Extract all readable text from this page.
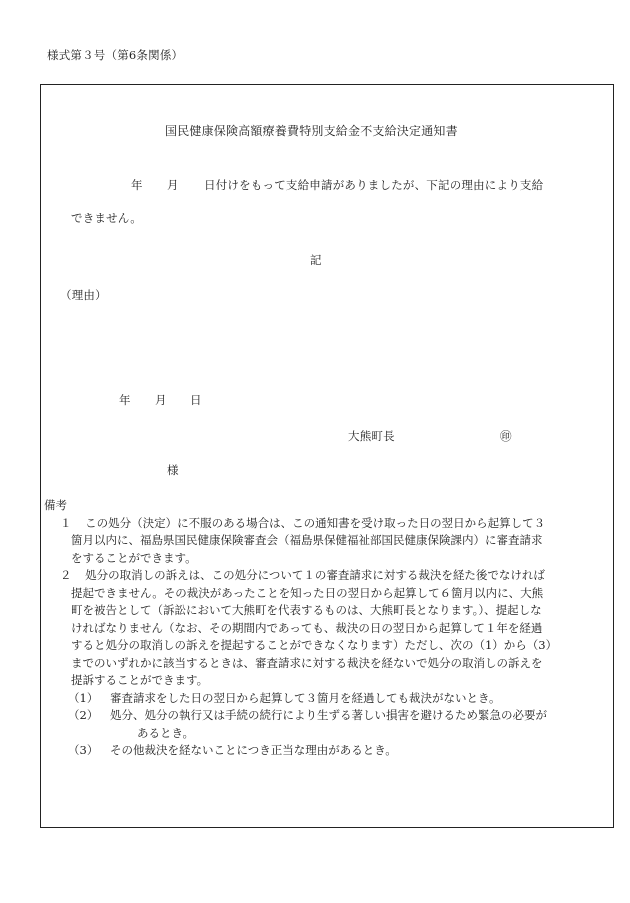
様式第３号（第6条関係）
国民健康保険高額療養費特別支給金不支給決定通知書
年 月 日付けをもって支給申請がありましたが、下記の理由により支給
できません。
記
（理由）
年 月 日
大熊町長	㊞
様
備考
１ この処分（決定）に不服のある場合は、この通知書を受け取った日の翌日から起算して３
箇月以内に、福島県国民健康保険審査会（福島県保健福祉部国民健康保険課内）に審査請求
をすることができます。
２ 処分の取消しの訴えは、この処分について１の審査請求に対する裁決を経た後でなければ
提起できません。その裁決があったことを知った日の翌日から起算して６箇月以内に、大熊
町を被告として（訴訟において大熊町を代表するものは、大熊町長となります。）、提起しな
ければなりません（なお、その期間内であっても、裁決の日の翌日から起算して１年を経過
すると処分の取消しの訴えを提起することができなくなります）ただし、次の（1）から（3）
までのいずれかに該当するときは、審査請求に対する裁決を経ないで処分の取消しの訴えを
提訴することができます。
（1） 審査請求をした日の翌日から起算して３箇月を経過しても裁決がないとき。
（2） 処分、処分の執行又は手続の続行により生ずる著しい損害を避けるため緊急の必要が
あるとき。
（3） その他裁決を経ないことにつき正当な理由があるとき。
